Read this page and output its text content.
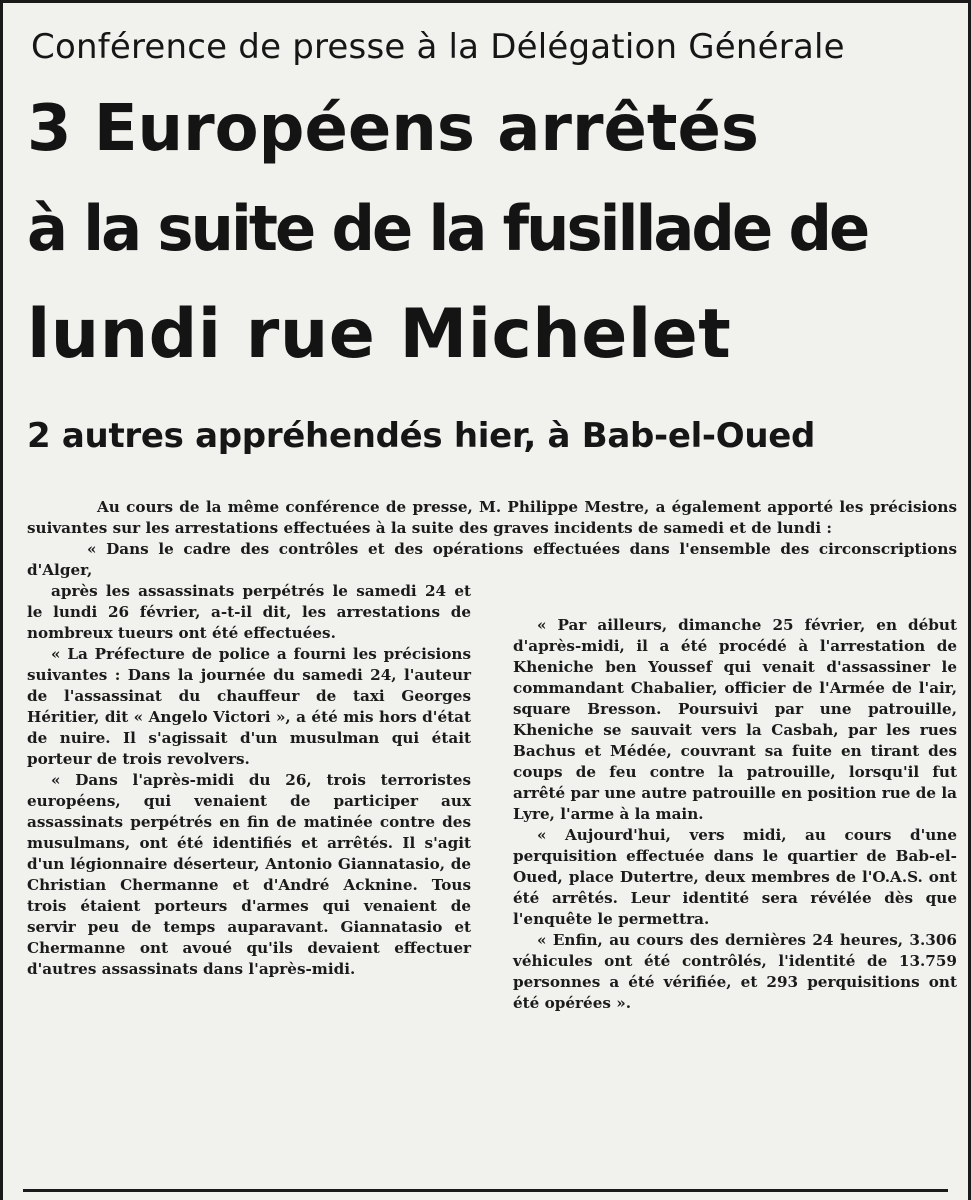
Conférence de presse à la Délégation Générale
3 Européens arrêtés
à la suite de la fusillade de
lundi rue Michelet
2 autres appréhendés hier, à Bab-el-Oued

Au cours de la même conférence de presse, M. Philippe Mestre, a également apporté les précisions suivantes sur les arrestations effectuées à la suite des graves incidents de samedi et de lundi :

« Dans le cadre des contrôles et des opérations effectuées dans l'ensemble des circonscriptions d'Alger,

après les assassinats perpétrés le samedi 24 et le lundi 26 février, a-t-il dit, les arrestations de nombreux tueurs ont été effectuées.

« La Préfecture de police a fourni les précisions suivantes : Dans la journée du samedi 24, l'auteur de l'assassinat du chauffeur de taxi Georges Héritier, dit « Angelo Victori », a été mis hors d'état de nuire. Il s'agissait d'un musulman qui était porteur de trois revolvers.

« Dans l'après-midi du 26, trois terroristes européens, qui venaient de participer aux assassinats perpétrés en fin de matinée contre des musulmans, ont été identifiés et arrêtés. Il s'agit d'un légionnaire déserteur, Antonio Giannatasio, de Christian Chermanne et d'André Acknine. Tous trois étaient porteurs d'armes qui venaient de servir peu de temps auparavant. Giannatasio et Chermanne ont avoué qu'ils devaient effectuer d'autres assassinats dans l'après-midi.

« Par ailleurs, dimanche 25 février, en début d'après-midi, il a été procédé à l'arrestation de Kheniche ben Youssef qui venait d'assassiner le commandant Chabalier, officier de l'Armée de l'air, square Bresson. Poursuivi par une patrouille, Kheniche se sauvait vers la Casbah, par les rues Bachus et Médée, couvrant sa fuite en tirant des coups de feu contre la patrouille, lorsqu'il fut arrêté par une autre patrouille en position rue de la Lyre, l'arme à la main.

« Aujourd'hui, vers midi, au cours d'une perquisition effectuée dans le quartier de Bab-el-Oued, place Dutertre, deux membres de l'O.A.S. ont été arrêtés. Leur identité sera révélée dès que l'enquête le permettra.

« Enfin, au cours des dernières 24 heures, 3.306 véhicules ont été contrôlés, l'identité de 13.759 personnes a été vérifiée, et 293 perquisitions ont été opérées ».
